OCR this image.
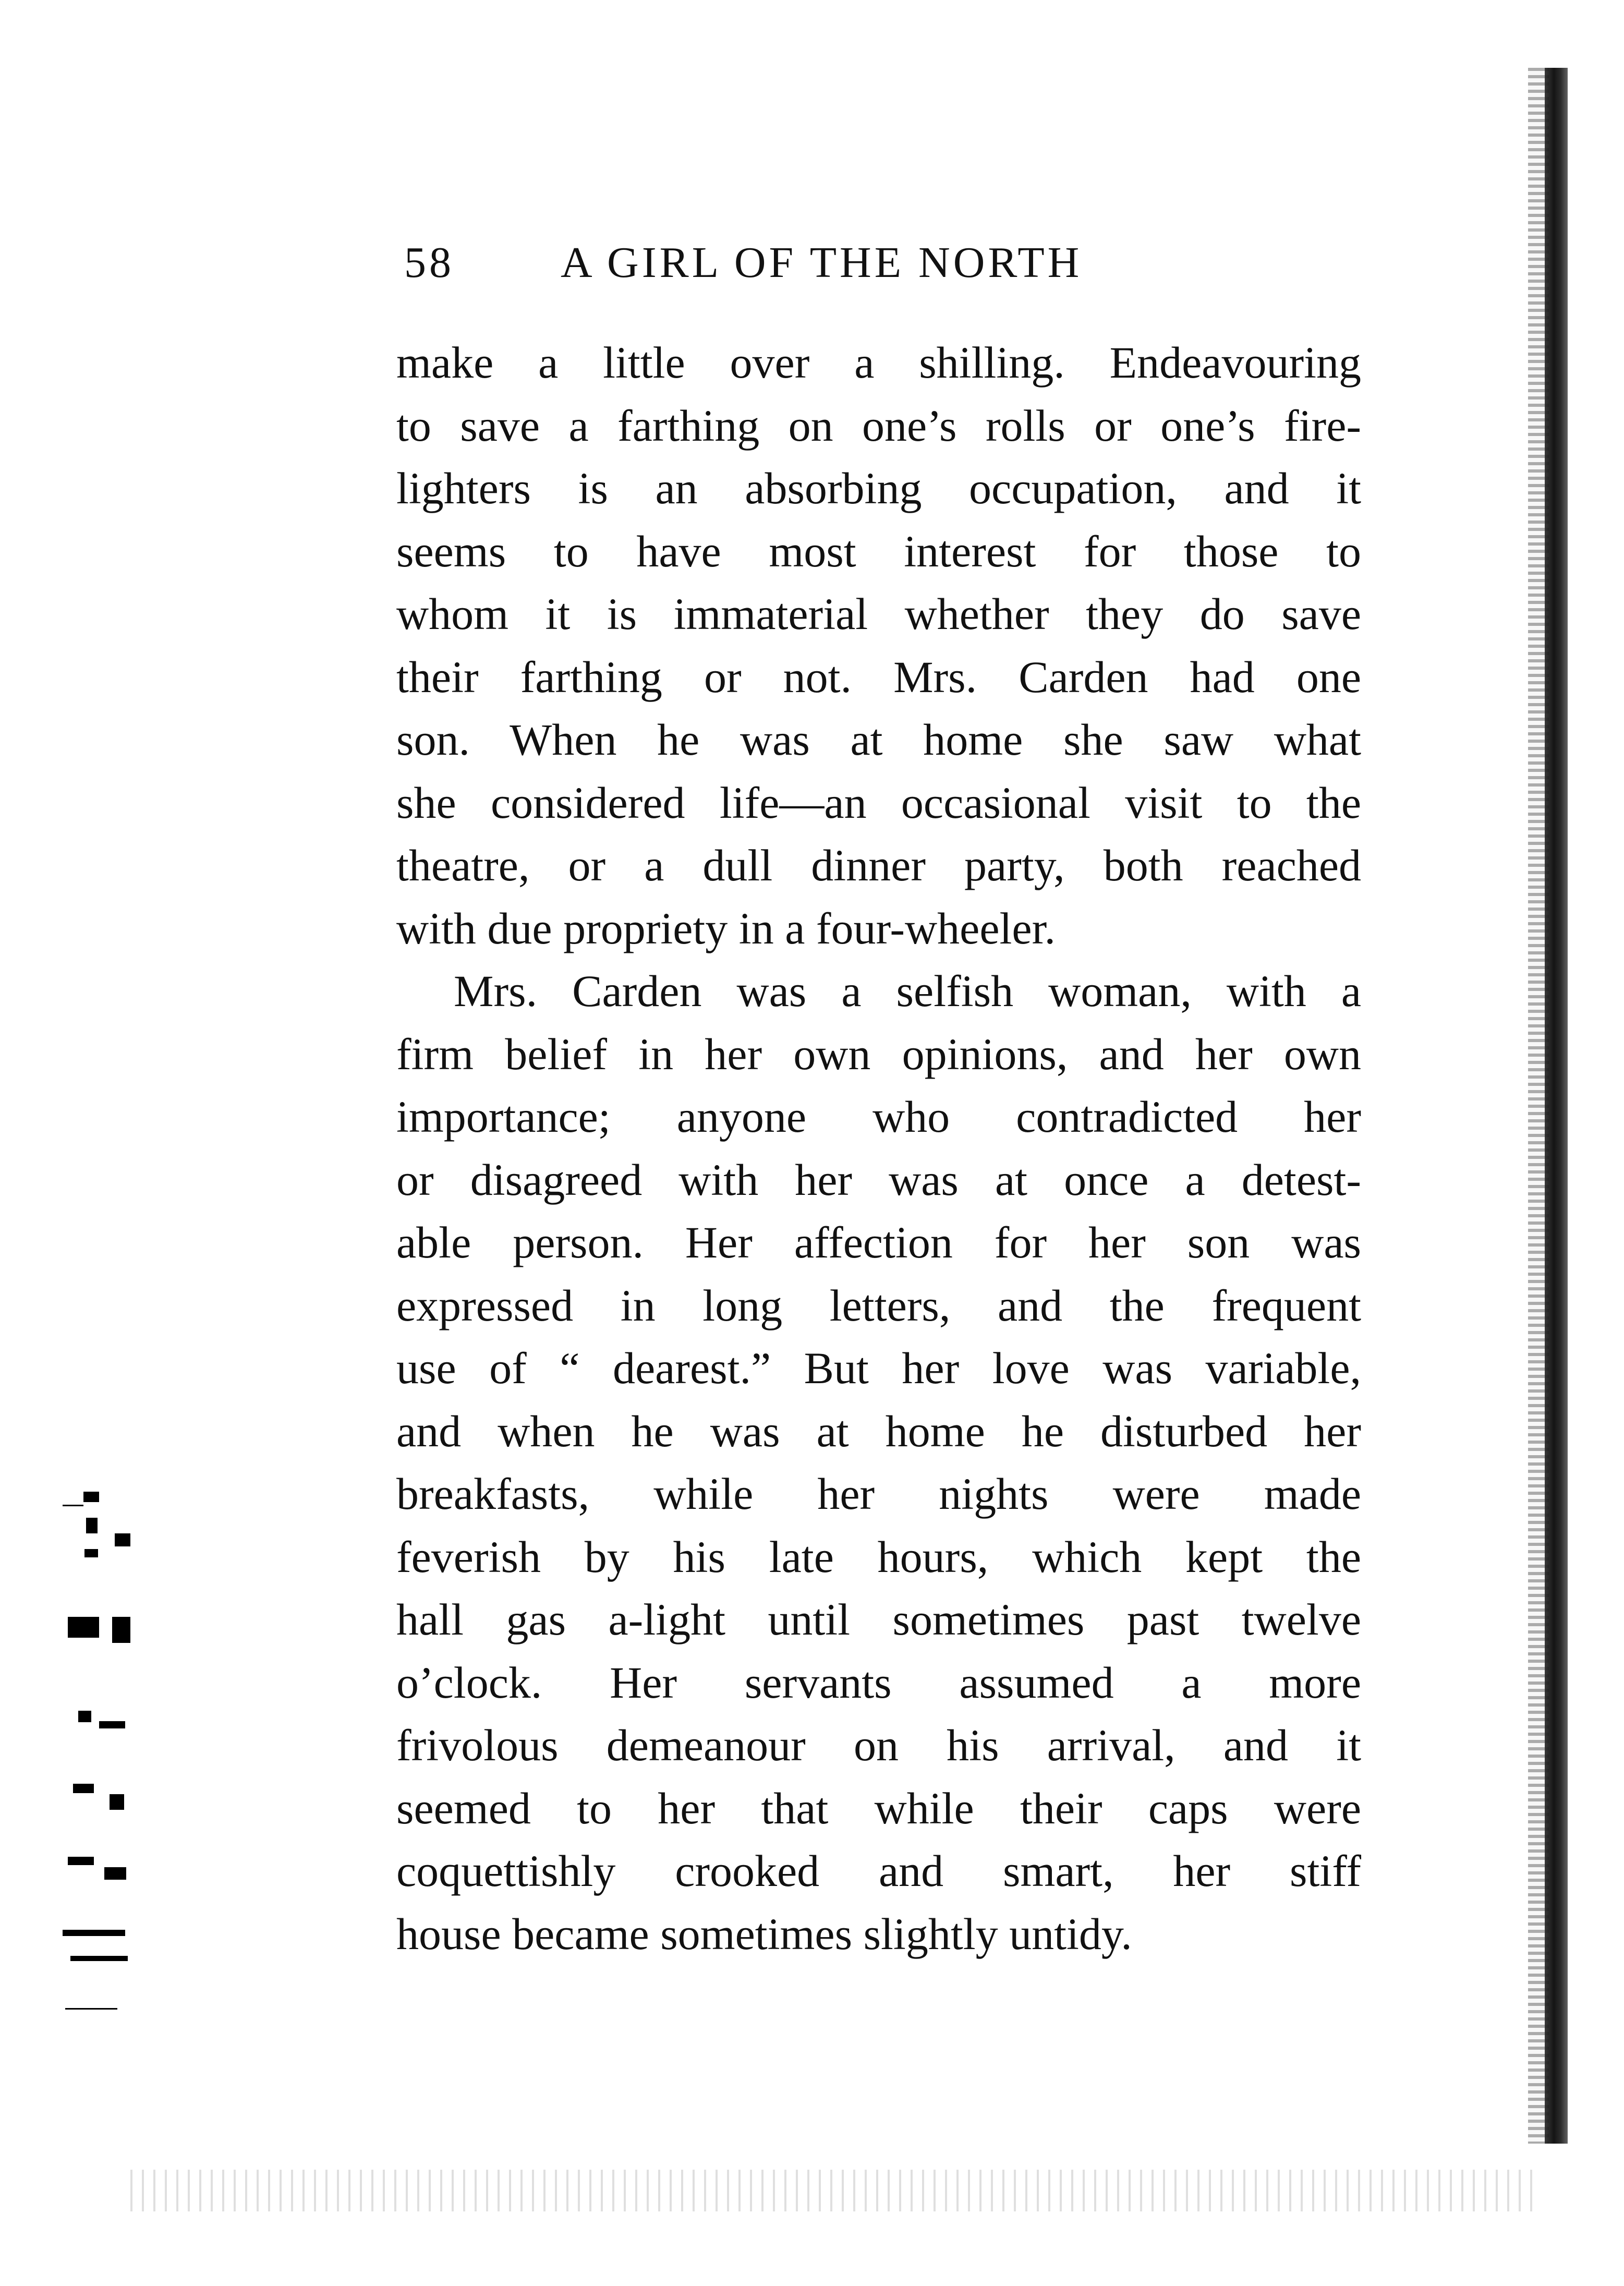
58 A GIRL OF THE NORTH
make a little over a shilling. Endeavouring
to save a farthing on one’s rolls or one’s fire-
lighters is an absorbing occupation, and it
seems to have most interest for those to
whom it is immaterial whether they do save
their farthing or not. Mrs. Carden had one
son. When he was at home she saw what
she considered life—an occasional visit to the
theatre, or a dull dinner party, both reached
with due propriety in a four-wheeler.
Mrs. Carden was a selfish woman, with a
firm belief in her own opinions, and her own
importance; anyone who contradicted her
or disagreed with her was at once a detest-
able person. Her affection for her son was
expressed in long letters, and the frequent
use of “ dearest.” But her love was variable,
and when he was at home he disturbed her
breakfasts, while her nights were made
feverish by his late hours, which kept the
hall gas a-light until sometimes past twelve
o’clock. Her servants assumed a more
frivolous demeanour on his arrival, and it
seemed to her that while their caps were
coquettishly crooked and smart, her stiff
house became sometimes slightly untidy.
